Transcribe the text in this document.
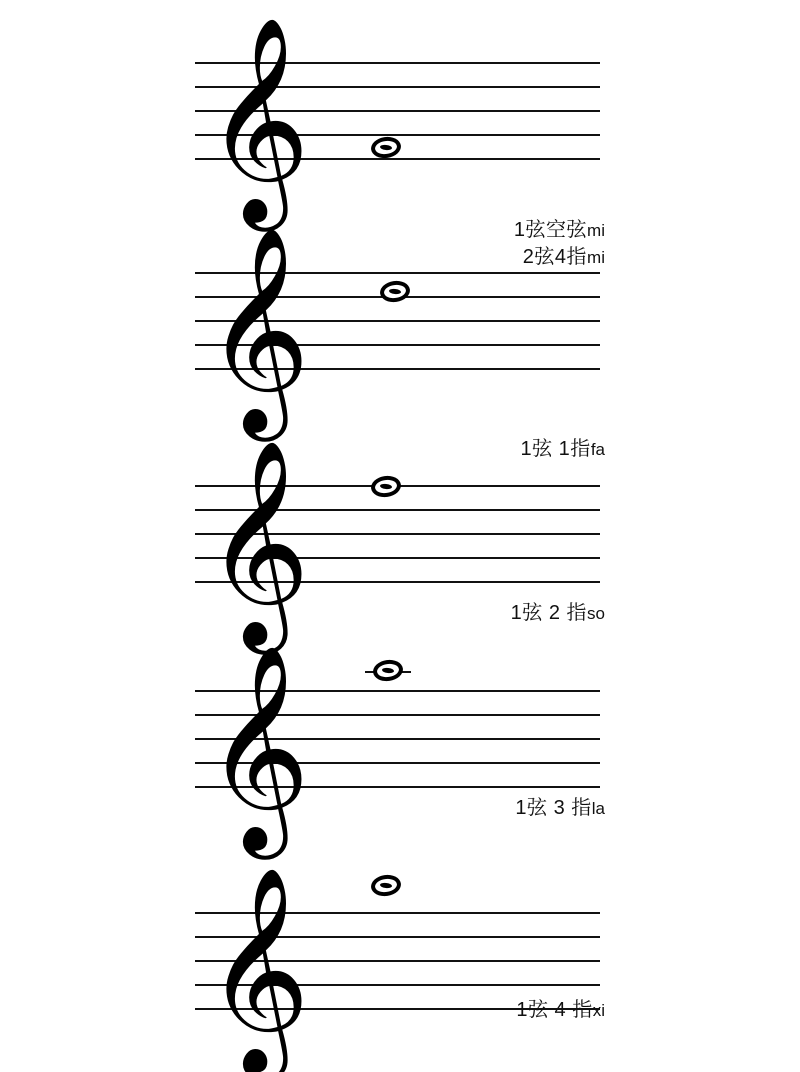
𝄞
1弦空弦mi
2弦4指mi
𝄞
1弦 1指fa
𝄞	1弦 2 指so
𝄞	1弦 3 指la
𝄞	1弦 4 指xi
